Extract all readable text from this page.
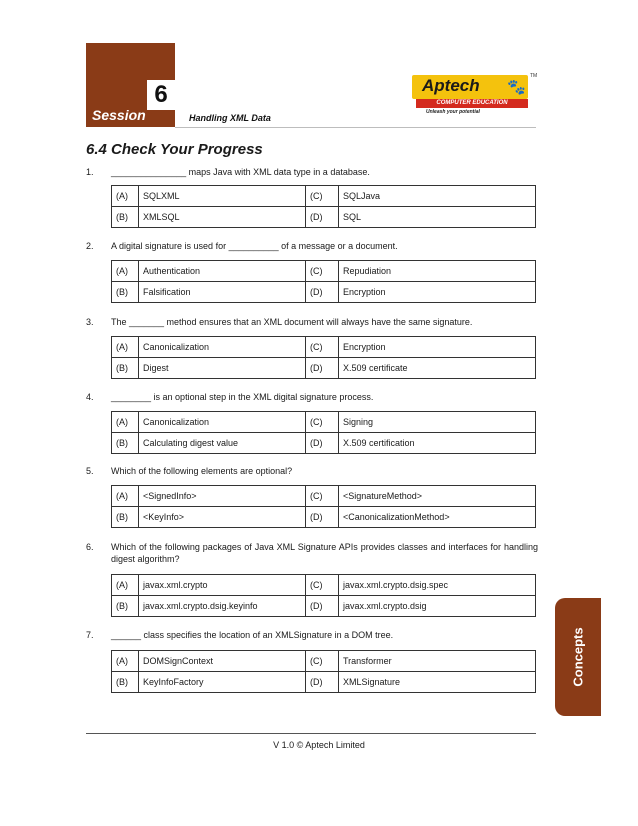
6
Session	Handling XML Data
Aptech 🐾
TM
COMPUTER EDUCATION
Unleash your potential
6.4 Check Your Progress
1.	_______________ maps Java with XML data type in a database.
(A)	SQLXML	(C)	SQLJava
(B)	XMLSQL	(D)	SQL
2.	A digital signature is used for __________ of a message or a document.
(A)	Authentication	(C)	Repudiation
(B)	Falsification	(D)	Encryption
3.	The _______ method ensures that an XML document will always have the same signature.
(A)	Canonicalization	(C)	Encryption
(B)	Digest	(D)	X.509 certificate
4.	________ is an optional step in the XML digital signature process.
(A)	Canonicalization	(C)	Signing
(B)	Calculating digest value	(D)	X.509 certification
5.	Which of the following elements are optional?
(A)	<SignedInfo>	(C)	<SignatureMethod>
(B)	<KeyInfo>	(D)	<CanonicalizationMethod>
6.	Which of the following packages of Java XML Signature APIs provides classes and interfaces for handling digest algorithm?
(A)	javax.xml.crypto	(C)	javax.xml.crypto.dsig.spec
(B)	javax.xml.crypto.dsig.keyinfo	(D)	javax.xml.crypto.dsig
7.	______ class specifies the location of an XMLSignature in a DOM tree.
(A)	DOMSignContext	(C)	Transformer
(B)	KeyInfoFactory	(D)	XMLSignature	Concepts
V 1.0 © Aptech Limited
